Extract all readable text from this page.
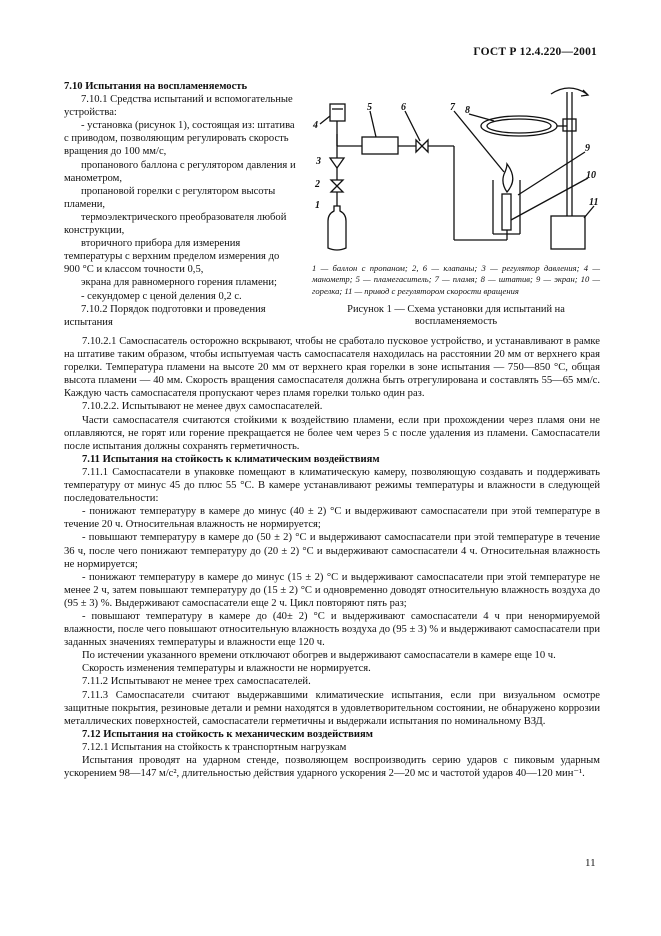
ГОСТ Р 12.4.220—2001
7.10 Испытания на воспламеняемость
7.10.1 Средства испытаний и вспомогательные устройства:
- установка (рисунок 1), состоящая из: штатива с приводом, позволяющим регулировать скорость вращения до 100 мм/с,
пропанового баллона с регулятором давления и манометром,
пропановой горелки с регулятором высоты пламени,
термоэлектрического преобразователя любой конструкции,
вторичного прибора для измерения температуры с верхним пределом измерения до 900 °С и классом точности 0,5,
экрана для равномерного горения пламени;
- секундомер с ценой деления 0,2 с.
7.10.2 Порядок подготовки и проведения испытания
1
2
3
4
5	6	7 8
9
10
11
1 — баллон с пропаном; 2, 6 — клапаны; 3 — регулятор давления; 4 — манометр; 5 — пламегаситель; 7 — пламя; 8 — штатив; 9 — экран; 10 — горелка; 11 — привод с регулятором скорости вращения
Рисунок 1 — Схема установки для испытаний на воспламеняемость
7.10.2.1 Самоспасатель осторожно вскрывают, чтобы не сработало пусковое устройство, и устанавливают в рамке на штативе таким образом, чтобы испытуемая часть самоспасателя находилась на расстоянии 20 мм от верхнего края горелки. Температура пламени на высоте 20 мм от верхнего края горелки в зоне испытания — 750—850 °С, общая высота пламени — 40 мм. Скорость вращения самоспасателя должна быть отрегулирована и составлять 55—65 мм/с. Каждую часть самоспасателя пропускают через пламя горелки только один раз.
7.10.2.2. Испытывают не менее двух самоспасателей.
Части самоспасателя считаются стойкими к воздействию пламени, если при прохождении через пламя они не оплавляются, не горят или горение прекращается не более чем через 5 с после удаления из пламени. Самоспасатели после испытания должны сохранять герметичность.
7.11 Испытания на стойкость к климатическим воздействиям
7.11.1 Самоспасатели в упаковке помещают в климатическую камеру, позволяющую создавать и поддерживать температуру от минус 45 до плюс 55 °С. В камере устанавливают режимы температуры и влажности в следующей последовательности:
- понижают температуру в камере до минус (40 ± 2) °С и выдерживают самоспасатели при этой температуре в течение 20 ч. Относительная влажность не нормируется;
- повышают температуру в камере до (50 ± 2) °С и выдерживают самоспасатели при этой температуре в течение 36 ч, после чего понижают температуру до (20 ± 2) °С и выдерживают самоспасатели 4 ч. Относительная влажность не нормируется;
- понижают температуру в камере до минус (15 ± 2) °С и выдерживают самоспасатели при этой температуре не менее 2 ч, затем повышают температуру до (15 ± 2) °С и одновременно доводят относительную влажность воздуха до (95 ± 3) %. Выдерживают самоспасатели еще 2 ч. Цикл повторяют пять раз;
- повышают температуру в камере до (40± 2) °С и выдерживают самоспасатели 4 ч при ненормируемой влажности, после чего повышают относительную влажность воздуха до (95 ± 3) % и выдерживают самоспасатели при заданных значениях температуры и влажности еще 120 ч.
По истечении указанного времени отключают обогрев и выдерживают самоспасатели в камере еще 10 ч.
Скорость изменения температуры и влажности не нормируется.
7.11.2 Испытывают не менее трех самоспасателей.
7.11.3 Самоспасатели считают выдержавшими климатические испытания, если при визуальном осмотре защитные покрытия, резиновые детали и ремни находятся в удовлетворительном состоянии, не обнаружено коррозии металлических поверхностей, самоспасатели герметичны и выдержали испытания по номинальному ВЗД.
7.12 Испытания на стойкость к механическим воздействиям
7.12.1 Испытания на стойкость к транспортным нагрузкам
Испытания проводят на ударном стенде, позволяющем воспроизводить серию ударов с пиковым ударным ускорением 98—147 м/с², длительностью действия ударного ускорения 2—20 мс и частотой ударов 40—120 мин⁻¹.
11
